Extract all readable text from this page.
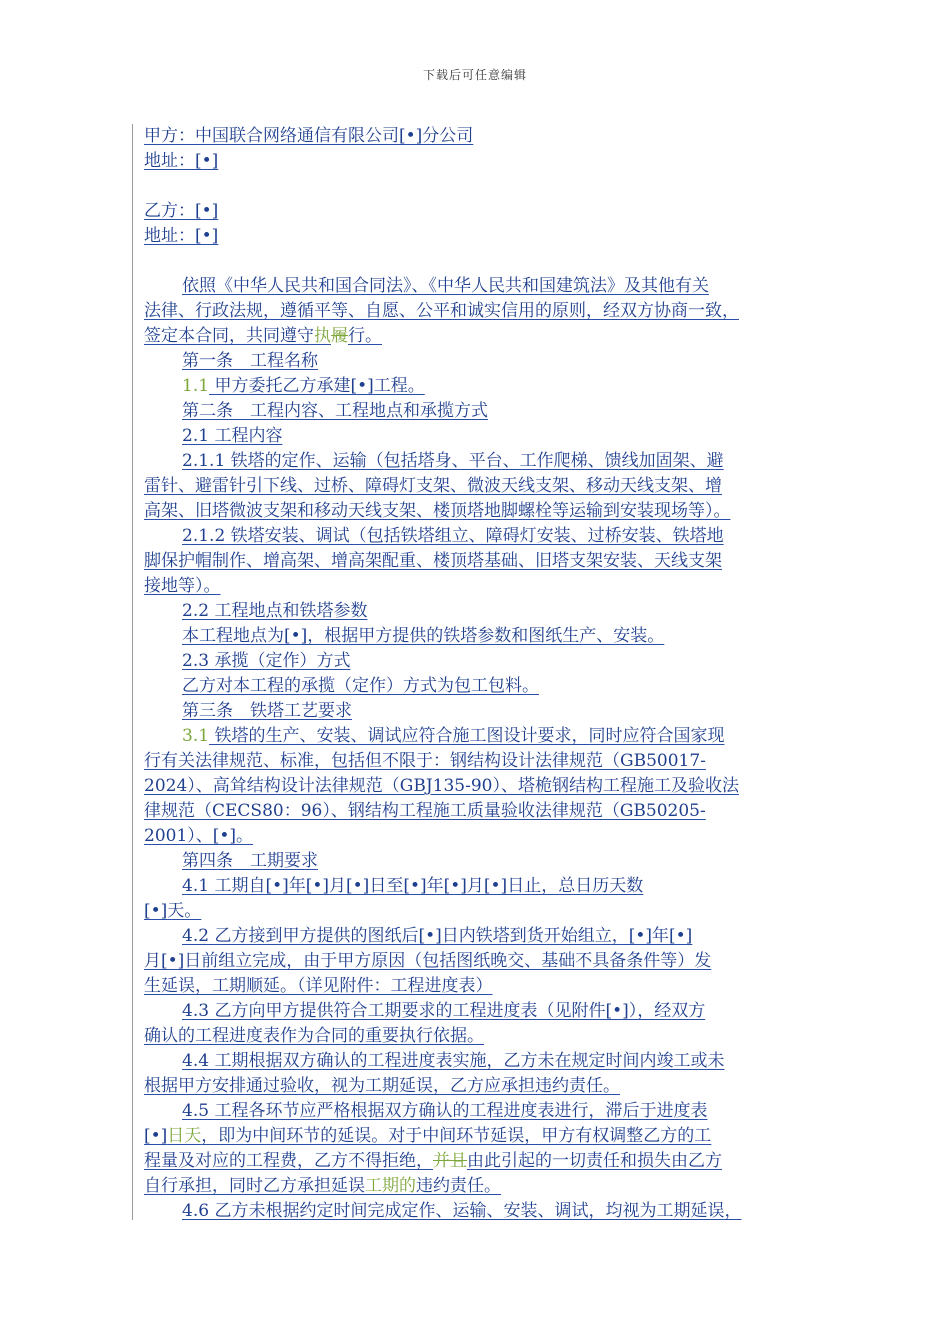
下载后可任意编辑
甲方：中国联合网络通信有限公司[•]分公司
地址：[•]
乙方：[•]
地址：[•]
依照《中华人民共和国合同法》、《中华人民共和国建筑法》及其他有关
法律、行政法规，遵循平等、自愿、公平和诚实信用的原则，经双方协商一致，
签定本合同，共同遵守执履行。
第一条　工程名称
1.1 甲方委托乙方承建[•]工程。
第二条　工程内容、工程地点和承揽方式
2.1 工程内容
2.1.1 铁塔的定作、运输（包括塔身、平台、工作爬梯、馈线加固架、避
雷针、避雷针引下线、过桥、障碍灯支架、微波天线支架、移动天线支架、增
高架、旧塔微波支架和移动天线支架、楼顶塔地脚螺栓等运输到安装现场等）。
2.1.2 铁塔安装、调试（包括铁塔组立、障碍灯安装、过桥安装、铁塔地
脚保护帽制作、增高架、增高架配重、楼顶塔基础、旧塔支架安装、天线支架
接地等）。
2.2 工程地点和铁塔参数
本工程地点为[•]，根据甲方提供的铁塔参数和图纸生产、安装。
2.3 承揽（定作）方式
乙方对本工程的承揽（定作）方式为包工包料。
第三条　铁塔工艺要求
3.1 铁塔的生产、安装、调试应符合施工图设计要求，同时应符合国家现
行有关法律规范、标准，包括但不限于：钢结构设计法律规范（GB50017-
2024）、高耸结构设计法律规范（GBJ135-90）、塔桅钢结构工程施工及验收法
律规范（CECS80：96）、钢结构工程施工质量验收法律规范（GB50205-
2001）、[•]。
第四条　工期要求
4.1 工期自[•]年[•]月[•]日至[•]年[•]月[•]日止，总日历天数
[•]天。
4.2 乙方接到甲方提供的图纸后[•]日内铁塔到货开始组立，[•]年[•]
月[•]日前组立完成，由于甲方原因（包括图纸晚交、基础不具备条件等）发
生延误，工期顺延。（详见附件：工程进度表）
4.3 乙方向甲方提供符合工期要求的工程进度表（见附件[•]），经双方
确认的工程进度表作为合同的重要执行依据。
4.4 工期根据双方确认的工程进度表实施，乙方未在规定时间内竣工或未
根据甲方安排通过验收，视为工期延误，乙方应承担违约责任。
4.5 工程各环节应严格根据双方确认的工程进度表进行，滞后于进度表
[•]日天，即为中间环节的延误。对于中间环节延误，甲方有权调整乙方的工
程量及对应的工程费，乙方不得拒绝，并且由此引起的一切责任和损失由乙方
自行承担，同时乙方承担延误工期的违约责任。
4.6 乙方未根据约定时间完成定作、运输、安装、调试，均视为工期延误，
